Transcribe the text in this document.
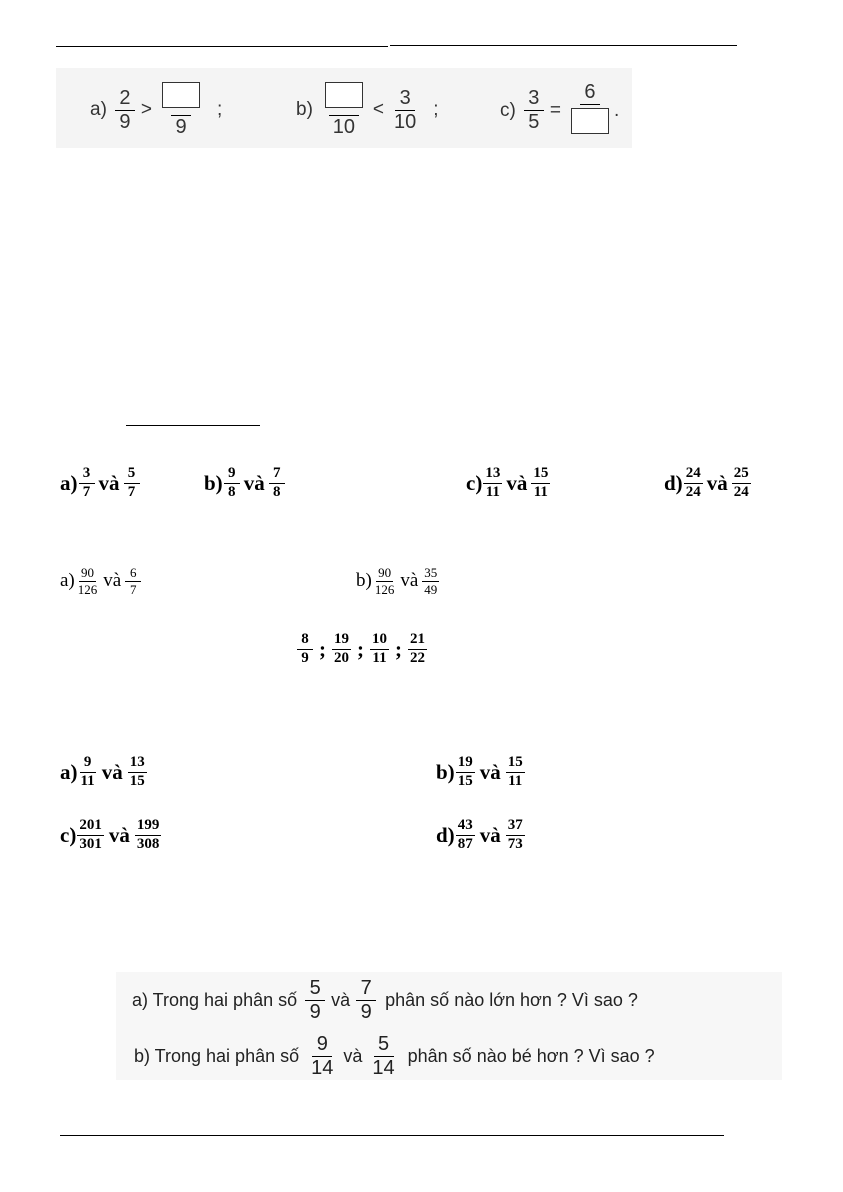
$a) \frac{2}{9}$ >
9
;	b)
10
< $\frac{3}{10}$ ;	$c) \frac{3}{5}$ =
6
.
$a) \frac{3}{7}$ và $\frac{5}{7}$	$b) \frac{9}{8}$ và $\frac{7}{8}$	$c) \frac{13}{11}$ và $\frac{15}{11}$	$d) \frac{24}{24}$ và $\frac{25}{24}$
$a) \frac{90}{126}$ và $\frac{6}{7}$	$b) \frac{90}{126}$ và $\frac{35}{49}$
$\frac{8}{9}$ ; $\frac{19}{20}$ ; $\frac{10}{11}$ ; $\frac{21}{22}$
$a) \frac{9}{11}$ và $\frac{13}{15}$	$b) \frac{19}{15}$ và $\frac{15}{11}$
$c) \frac{201}{301}$ và $\frac{199}{308}$	$d) \frac{43}{87}$ và $\frac{37}{73}$
a) Trong hai phân số $\frac{5}{9}$ và $\frac{7}{9}$ phân số nào lớn hơn ? Vì sao ?
b) Trong hai phân số $\frac{9}{14}$ và $\frac{5}{14}$ phân số nào bé hơn ? Vì sao ?
